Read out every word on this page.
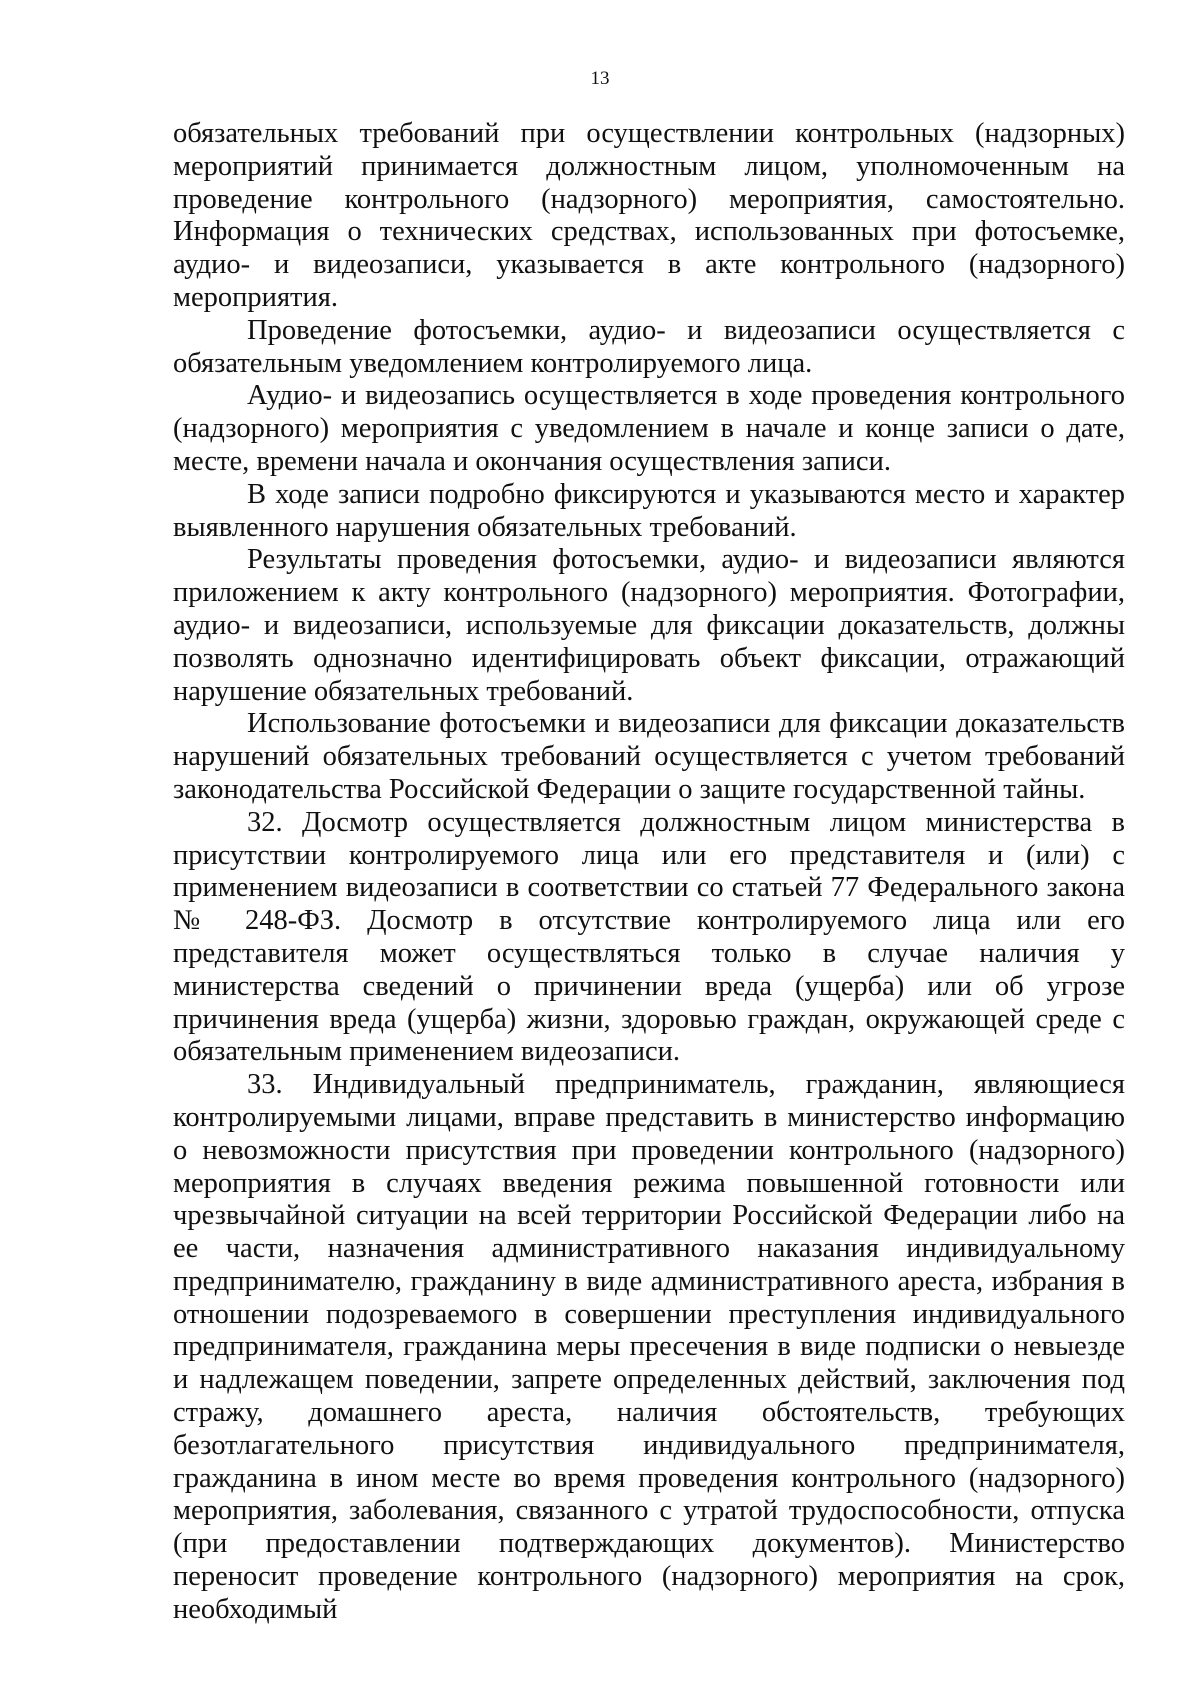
13

обязательных требований при осуществлении контрольных (надзорных) мероприятий принимается должностным лицом, уполномоченным на проведение контрольного (надзорного) мероприятия, самостоятельно. Информация о технических средствах, использованных при фотосъемке, аудио- и видеозаписи, указывается в акте контрольного (надзорного) мероприятия.

Проведение фотосъемки, аудио- и видеозаписи осуществляется с обязательным уведомлением контролируемого лица.

Аудио- и видеозапись осуществляется в ходе проведения контрольного (надзорного) мероприятия с уведомлением в начале и конце записи о дате, месте, времени начала и окончания осуществления записи.

В ходе записи подробно фиксируются и указываются место и характер выявленного нарушения обязательных требований.

Результаты проведения фотосъемки, аудио- и видеозаписи являются приложением к акту контрольного (надзорного) мероприятия. Фотографии, аудио- и видеозаписи, используемые для фиксации доказательств, должны позволять однозначно идентифицировать объект фиксации, отражающий нарушение обязательных требований.

Использование фотосъемки и видеозаписи для фиксации доказательств нарушений обязательных требований осуществляется с учетом требований законодательства Российской Федерации о защите государственной тайны.

32. Досмотр осуществляется должностным лицом министерства в присутствии контролируемого лица или его представителя и (или) с применением видеозаписи в соответствии со статьей 77 Федерального закона № 248-ФЗ. Досмотр в отсутствие контролируемого лица или его представителя может осуществляться только в случае наличия у министерства сведений о причинении вреда (ущерба) или об угрозе причинения вреда (ущерба) жизни, здоровью граждан, окружающей среде с обязательным применением видеозаписи.

33. Индивидуальный предприниматель, гражданин, являющиеся контролируемыми лицами, вправе представить в министерство информацию о невозможности присутствия при проведении контрольного (надзорного) мероприятия в случаях введения режима повышенной готовности или чрезвычайной ситуации на всей территории Российской Федерации либо на ее части, назначения административного наказания индивидуальному предпринимателю, гражданину в виде административного ареста, избрания в отношении подозреваемого в совершении преступления индивидуального предпринимателя, гражданина меры пресечения в виде подписки о невыезде и надлежащем поведении, запрете определенных действий, заключения под стражу, домашнего ареста, наличия обстоятельств, требующих безотлагательного присутствия индивидуального предпринимателя, гражданина в ином месте во время проведения контрольного (надзорного) мероприятия, заболевания, связанного с утратой трудоспособности, отпуска (при предоставлении подтверждающих документов). Министерство переносит проведение контрольного (надзорного) мероприятия на срок, необходимый
